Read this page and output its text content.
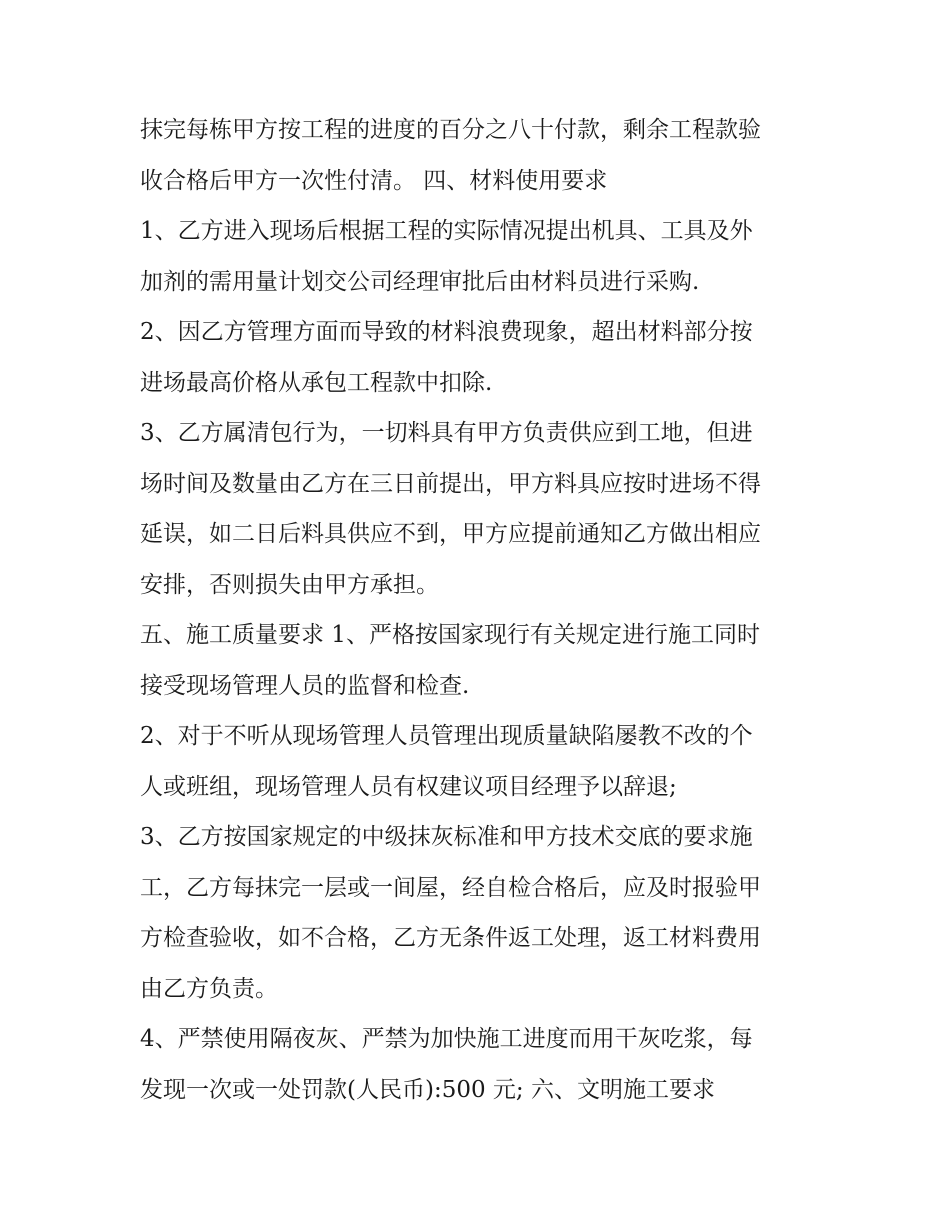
抹完每栋甲方按工程的进度的百分之八十付款，剩余工程款验
收合格后甲方一次性付清。 四、材料使用要求
1、乙方进入现场后根据工程的实际情况提出机具、工具及外
加剂的需用量计划交公司经理审批后由材料员进行采购.
2、因乙方管理方面而导致的材料浪费现象，超出材料部分按
进场最高价格从承包工程款中扣除.
3、乙方属清包行为，一切料具有甲方负责供应到工地，但进
场时间及数量由乙方在三日前提出，甲方料具应按时进场不得
延误，如二日后料具供应不到，甲方应提前通知乙方做出相应
安排，否则损失由甲方承担。
五、施工质量要求 1、严格按国家现行有关规定进行施工同时
接受现场管理人员的监督和检查.
2、对于不听从现场管理人员管理出现质量缺陷屡教不改的个
人或班组，现场管理人员有权建议项目经理予以辞退;
3、乙方按国家规定的中级抹灰标准和甲方技术交底的要求施
工，乙方每抹完一层或一间屋，经自检合格后，应及时报验甲
方检查验收，如不合格，乙方无条件返工处理，返工材料费用
由乙方负责。
4、严禁使用隔夜灰、严禁为加快施工进度而用干灰吃浆，每
发现一次或一处罚款(人民币):500 元; 六、文明施工要求
